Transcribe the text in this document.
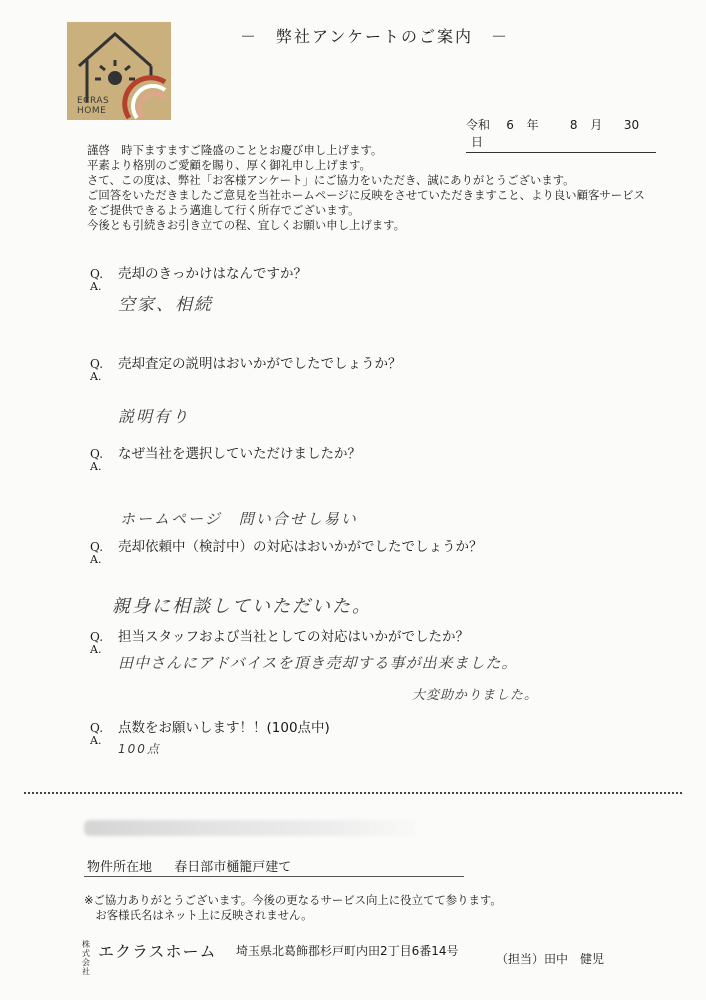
ECRAS
HOME
－　弊社アンケートのご案内　－
令和 6 年	8 月 30 日
謹啓　時下ますますご隆盛のこととお慶び申し上げます。
平素より格別のご愛顧を賜り、厚く御礼申し上げます。
さて、この度は、弊社「お客様アンケート」にご協力をいただき、誠にありがとうございます。
ご回答をいただきましたご意見を当社ホームページに反映をさせていただきますこと、より良い顧客サービス
をご提供できるよう邁進して行く所存でございます。
今後とも引続きお引き立ての程、宜しくお願い申し上げます。
Q. 売却のきっかけはなんですか？
A.
空家、相続
Q. 売却査定の説明はおいかがでしたでしょうか？
A.
説明有り
Q. なぜ当社を選択していただけましたか？
A.
ホームページ　問い合せし易い
Q. 売却依頼中（検討中）の対応はおいかがでしたでしょうか？
A.
親身に相談していただいた。
Q. 担当スタッフおよび当社としての対応はいかがでしたか？
A.
田中さんにアドバイスを頂き売却する事が出来ました。
大変助かりました。
Q. 点数をお願いします！！(100点中)
A.
100点
物件所在地 春日部市樋籠戸建て
※ご協力ありがとうございます。今後の更なるサービス向上に役立てて参ります。
　お客様氏名はネット上に反映されません。
株式会社
エクラスホーム 埼玉県北葛飾郡杉戸町内田2丁目6番14号
（担当）田中　健児
